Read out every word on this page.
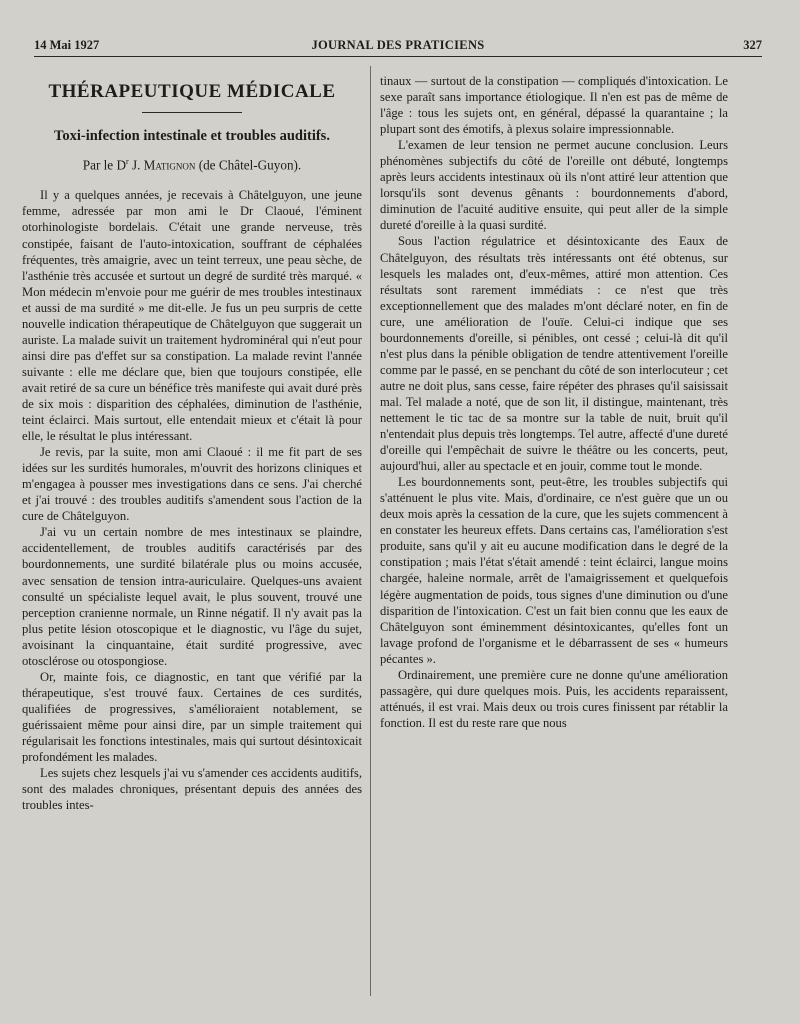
14 Mai 1927	JOURNAL DES PRATICIENS	327
THÉRAPEUTIQUE MÉDICALE
Toxi-infection intestinale et troubles auditifs.
Par le $D^r$ J. Matignon (de Châtel-Guyon).

Il y a quelques années, je recevais à Châtelguyon, une jeune femme, adressée par mon ami le Dr Claoué, l'éminent otorhinologiste bordelais. C'était une grande nerveuse, très constipée, faisant de l'auto-intoxication, souffrant de céphalées fréquentes, très amaigrie, avec un teint terreux, une peau sèche, de l'asthénie très accusée et surtout un degré de surdité très marqué. « Mon médecin m'envoie pour me guérir de mes troubles intestinaux et aussi de ma surdité » me dit-elle. Je fus un peu surpris de cette nouvelle indication thérapeutique de Châtelguyon que suggerait un auriste. La malade suivit un traitement hydrominéral qui n'eut pour ainsi dire pas d'effet sur sa constipation. La malade revint l'année suivante : elle me déclare que, bien que toujours constipée, elle avait retiré de sa cure un bénéfice très manifeste qui avait duré près de six mois : disparition des céphalées, diminution de l'asthénie, teint éclairci. Mais surtout, elle entendait mieux et c'était là pour elle, le résultat le plus intéressant.

Je revis, par la suite, mon ami Claoué : il me fit part de ses idées sur les surdités humorales, m'ouvrit des horizons cliniques et m'engagea à pousser mes investigations dans ce sens. J'ai cherché et j'ai trouvé : des troubles auditifs s'amendent sous l'action de la cure de Châtelguyon.

J'ai vu un certain nombre de mes intestinaux se plaindre, accidentellement, de troubles auditifs caractérisés par des bourdonnements, une surdité bilatérale plus ou moins accusée, avec sensation de tension intra-auriculaire. Quelques-uns avaient consulté un spécialiste lequel avait, le plus souvent, trouvé une perception cranienne normale, un Rinne négatif. Il n'y avait pas la plus petite lésion otoscopique et le diagnostic, vu l'âge du sujet, avoisinant la cinquantaine, était surdité progressive, avec otosclérose ou otospongiose.

Or, mainte fois, ce diagnostic, en tant que vérifié par la thérapeutique, s'est trouvé faux. Certaines de ces surdités, qualifiées de progressives, s'amélioraient notablement, se guérissaient même pour ainsi dire, par un simple traitement qui régularisait les fonctions intestinales, mais qui surtout désintoxicait profondément les malades.

Les sujets chez lesquels j'ai vu s'amender ces accidents auditifs, sont des malades chroniques, présentant depuis des années des troubles intes-

tinaux — surtout de la constipation — compliqués d'intoxication. Le sexe paraît sans importance étiologique. Il n'en est pas de même de l'âge : tous les sujets ont, en général, dépassé la quarantaine ; la plupart sont des émotifs, à plexus solaire impressionnable.

L'examen de leur tension ne permet aucune conclusion. Leurs phénomènes subjectifs du côté de l'oreille ont débuté, longtemps après leurs accidents intestinaux où ils n'ont attiré leur attention que lorsqu'ils sont devenus gênants : bourdonnements d'abord, diminution de l'acuité auditive ensuite, qui peut aller de la simple dureté d'oreille à la quasi surdité.

Sous l'action régulatrice et désintoxicante des Eaux de Châtelguyon, des résultats très intéressants ont été obtenus, sur lesquels les malades ont, d'eux-mêmes, attiré mon attention. Ces résultats sont rarement immédiats : ce n'est que très exceptionnellement que des malades m'ont déclaré noter, en fin de cure, une amélioration de l'ouïe. Celui-ci indique que ses bourdonnements d'oreille, si pénibles, ont cessé ; celui-là dit qu'il n'est plus dans la pénible obligation de tendre attentivement l'oreille comme par le passé, en se penchant du côté de son interlocuteur ; cet autre ne doit plus, sans cesse, faire répéter des phrases qu'il saisissait mal. Tel malade a noté, que de son lit, il distingue, maintenant, très nettement le tic tac de sa montre sur la table de nuit, bruit qu'il n'entendait plus depuis très longtemps. Tel autre, affecté d'une dureté d'oreille qui l'empêchait de suivre le théâtre ou les concerts, peut, aujourd'hui, aller au spectacle et en jouir, comme tout le monde.

Les bourdonnements sont, peut-être, les troubles subjectifs qui s'atténuent le plus vite. Mais, d'ordinaire, ce n'est guère que un ou deux mois après la cessation de la cure, que les sujets commencent à en constater les heureux effets. Dans certains cas, l'amélioration s'est produite, sans qu'il y ait eu aucune modification dans le degré de la constipation ; mais l'état s'était amendé : teint éclairci, langue moins chargée, haleine normale, arrêt de l'amaigrissement et quelquefois légère augmentation de poids, tous signes d'une diminution ou d'une disparition de l'intoxication. C'est un fait bien connu que les eaux de Châtelguyon sont éminemment désintoxicantes, qu'elles font un lavage profond de l'organisme et le débarrassent de ses « humeurs pécantes ».

Ordinairement, une première cure ne donne qu'une amélioration passagère, qui dure quelques mois. Puis, les accidents reparaissent, atténués, il est vrai. Mais deux ou trois cures finissent par rétablir la fonction. Il est du reste rare que nous
